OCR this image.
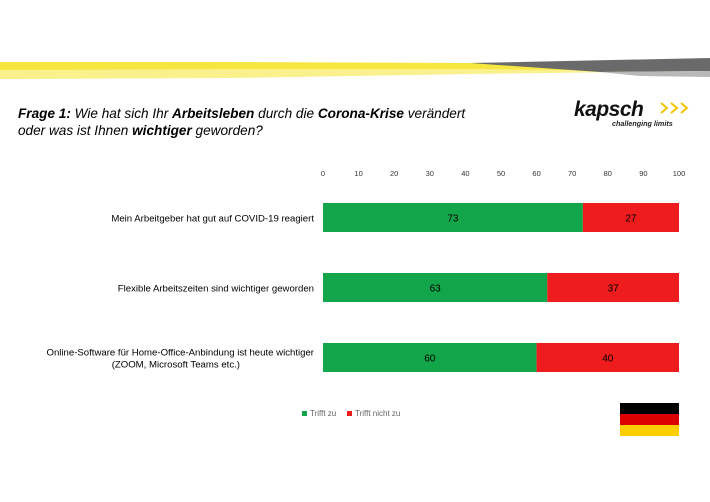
Frage 1: Wie hat sich Ihr Arbeitsleben durch die Corona-Krise verändert oder was ist Ihnen wichtiger geworden?
kapsch
challenging limits
0	10	20	30	40	50	60	70	80	90	100
73	27
Mein Arbeitgeber hat gut auf COVID-19 reagiert
63	37
Flexible Arbeitszeiten sind wichtiger geworden
60	40
Online-Software für Home-Office-Anbindung ist heute wichtiger (ZOOM, Microsoft Teams etc.)
Trifft zu Trifft nicht zu
